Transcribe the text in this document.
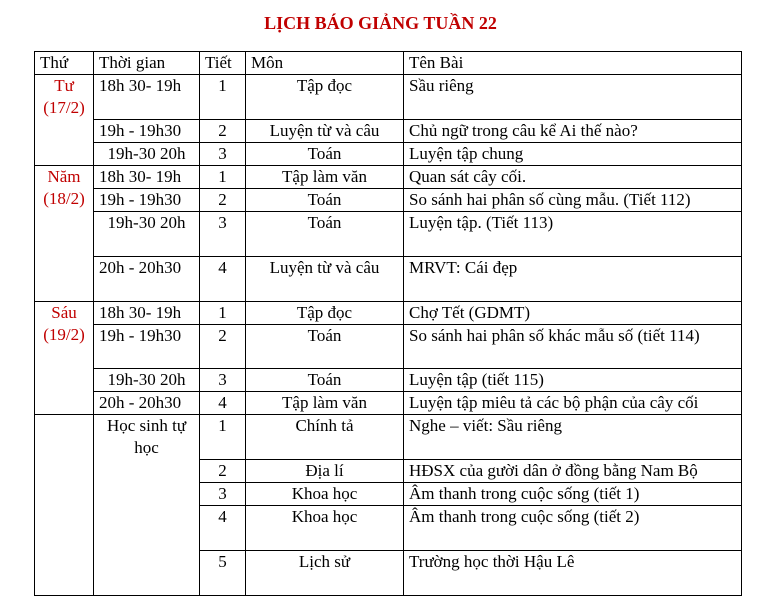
LỊCH BÁO GIẢNG TUẦN 22
Thứ	Thời gian	Tiết	Môn	Tên Bài

Tư
(17/2)	18h 30- 19h	1	Tập đọc	Sầu riêng
	19h - 19h30	2	Luyện từ và câu	Chủ ngữ trong câu kể Ai thế nào?
	19h-30 20h	3	Toán	Luyện tập chung

Năm
(18/2)	18h 30- 19h	1	Tập làm văn	Quan sát cây cối.
	19h - 19h30	2	Toán	So sánh hai phân số cùng mẫu. (Tiết 112)
	19h-30 20h	3	Toán	Luyện tập. (Tiết 113)
	20h - 20h30	4	Luyện từ và câu	MRVT: Cái đẹp

Sáu
(19/2)	18h 30- 19h	1	Tập đọc	Chợ Tết (GDMT)
	19h - 19h30	2	Toán	So sánh hai phân số khác mẫu số (tiết 114)
	19h-30 20h	3	Toán	Luyện tập (tiết 115)
	20h - 20h30	4	Tập làm văn	Luyện tập miêu tả các bộ phận của cây cối
	Học sinh tự học	1	Chính tả	Nghe – viết: Sầu riêng
		2	Địa lí	HĐSX của gười dân ở đồng bằng Nam Bộ
		3	Khoa học	Âm thanh trong cuộc sống (tiết 1)
		4	Khoa học	Âm thanh trong cuộc sống (tiết 2)
		5	Lịch sử	Trường học thời Hậu Lê
